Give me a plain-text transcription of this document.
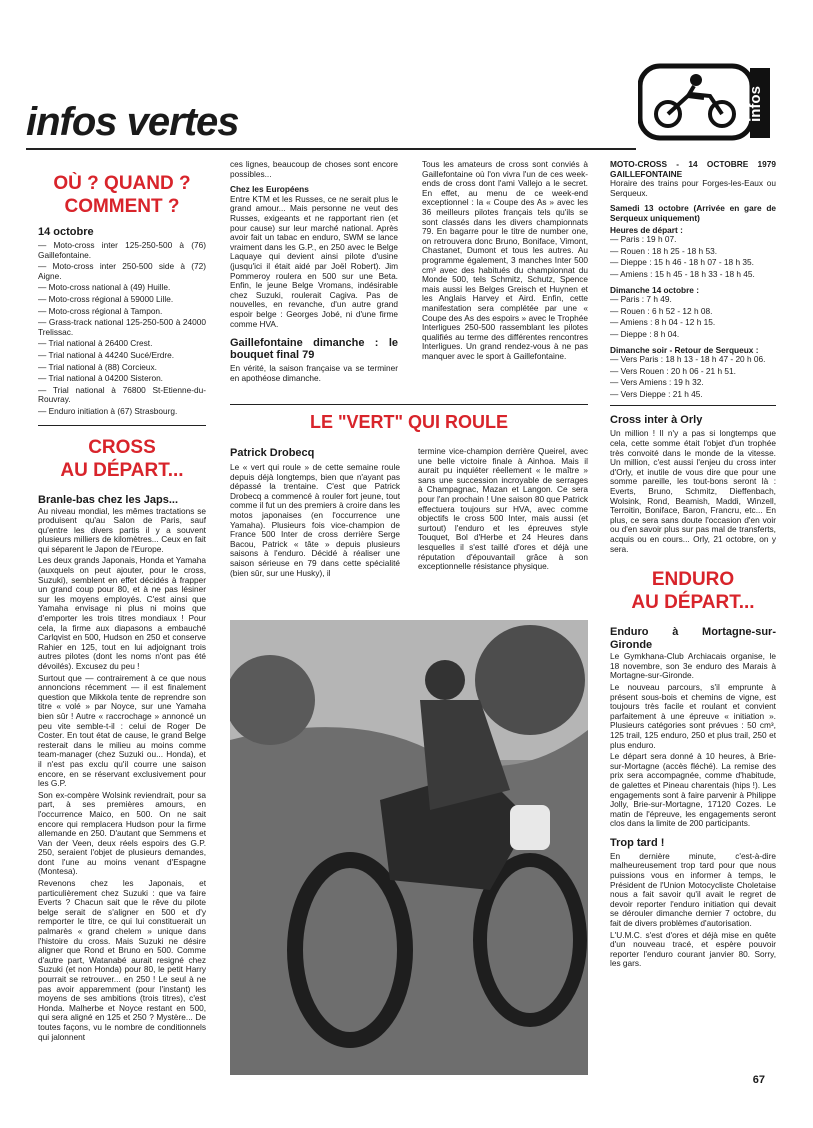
infos vertes	infos
OÙ ? QUAND ?
COMMENT ?
14 octobre

— Moto-cross inter 125-250-500 à (76) Gaillefontaine.

— Moto-cross inter 250-500 side à (72) Aigne.

— Moto-cross national à (49) Huille.

— Moto-cross régional à 59000 Lille.

— Moto-cross régional à Tampon.

— Grass-track national 125-250-500 à 24000 Trelissac.

— Trial national à 26400 Crest.

— Trial national à 44240 Sucé/Erdre.

— Trial national à (88) Corcieux.

— Trial national à 04200 Sisteron.

— Trial national à 76800 St-Etienne-du-Rouvray.

— Enduro initiation à (67) Strasbourg.

CROSS
AU DÉPART...
Branle-bas chez les Japs...

Au niveau mondial, les mêmes tractations se produisent qu'au Salon de Paris, sauf qu'entre les divers partis il y a souvent plusieurs milliers de kilomètres... Ceux en fait qui séparent le Japon de l'Europe.

Les deux grands Japonais, Honda et Yamaha (auxquels on peut ajouter, pour le cross, Suzuki), semblent en effet décidés à frapper un grand coup pour 80, et à ne pas lésiner sur les moyens employés. C'est ainsi que Yamaha envisage ni plus ni moins que d'emporter les trois titres mondiaux ! Pour cela, la firme aux diapasons a embauché Carlqvist en 500, Hudson en 250 et conserve Rahier en 125, tout en lui adjoignant trois autres pilotes (dont les noms n'ont pas été dévoilés). Excusez du peu !

Surtout que — contrairement à ce que nous annoncions récemment — il est finalement question que Mikkola tente de reprendre son titre « volé » par Noyce, sur une Yamaha bien sûr ! Autre « raccrochage » annoncé un peu vite semble-t-il : celui de Roger De Coster. En tout état de cause, le grand Belge resterait dans le milieu au moins comme team-manager (chez Suzuki ou... Honda), et il n'est pas exclu qu'il courre une saison encore, en se réservant exclusivement pour les G.P.

Son ex-compère Wolsink reviendrait, pour sa part, à ses premières amours, en l'occurrence Maico, en 500. On ne sait encore qui remplacera Hudson pour la firme allemande en 250. D'autant que Semmens et Van der Veen, deux réels espoirs des G.P. 250, seraient l'objet de plusieurs demandes, dont l'une au moins venant d'Espagne (Montesa).

Revenons chez les Japonais, et particulièrement chez Suzuki : que va faire Everts ? Chacun sait que le rêve du pilote belge serait de s'aligner en 500 et d'y remporter le titre, ce qui lui constituerait un palmarès « grand chelem » unique dans l'histoire du cross. Mais Suzuki ne désire aligner que Rond et Bruno en 500. Comme d'autre part, Watanabé aurait resigné chez Suzuki (et non Honda) pour 80, le petit Harry pourrait se retrouver... en 250 ! Le seul à ne pas avoir apparemment (pour l'instant) les moyens de ses ambitions (trois titres), c'est Honda. Malherbe et Noyce restant en 500, qui sera aligné en 125 et 250 ? Mystère... De toutes façons, vu le nombre de conditionnels qui jalonnent

ces lignes, beaucoup de choses sont encore possibles...

Chez les Européens

Entre KTM et les Russes, ce ne serait plus le grand amour... Mais personne ne veut des Russes, exigeants et ne rapportant rien (et pour cause) sur leur marché national. Après avoir fait un tabac en enduro, SWM se lance vraiment dans les G.P., en 250 avec le Belge Laquaye qui devient ainsi pilote d'usine (jusqu'ici il était aidé par Joël Robert). Jim Pommeroy roulera en 500 sur une Beta. Enfin, le jeune Belge Vromans, indésirable chez Suzuki, roulerait Cagiva. Pas de nouvelles, en revanche, d'un autre grand espoir belge : Georges Jobé, ni d'une firme comme HVA.

Gaillefontaine dimanche : le bouquet final 79

En vérité, la saison française va se terminer en apothéose dimanche.

Tous les amateurs de cross sont conviés à Gaillefontaine où l'on vivra l'un de ces week-ends de cross dont l'ami Vallejo a le secret. En effet, au menu de ce week-end exceptionnel : la « Coupe des As » avec les 36 meilleurs pilotes français tels qu'ils se sont classés dans les divers championnats 79. En bagarre pour le titre de number one, on retrouvera donc Bruno, Boniface, Vimont, Chastanet, Dumont et tous les autres. Au programme également, 3 manches Inter 500 cm³ avec des habitués du championnat du Monde 500, tels Schmitz, Schutz, Spence mais aussi les Belges Greisch et Huynen et les Anglais Harvey et Aird. Enfin, cette manifestation sera complétée par une « Coupe des As des espoirs » avec le Trophée Interligues 250-500 rassemblant les pilotes qualifiés au terme des différentes rencontres Interligues. Un grand rendez-vous à ne pas manquer avec le sport à Gaillefontaine.

LE "VERT" QUI ROULE
Patrick Drobecq

Le « vert qui roule » de cette semaine roule depuis déjà longtemps, bien que n'ayant pas dépassé la trentaine. C'est que Patrick Drobecq a commencé à rouler fort jeune, tout comme il fut un des premiers à croire dans les motos japonaises (en l'occurrence une Yamaha). Plusieurs fois vice-champion de France 500 Inter de cross derrière Serge Bacou, Patrick « tâte » depuis plusieurs saisons à l'enduro. Décidé à réaliser une saison sérieuse en 79 dans cette spécialité (bien sûr, sur une Husky), il

termine vice-champion derrière Queirel, avec une belle victoire finale à Ainhoa. Mais il aurait pu inquiéter réellement « le maître » sans une succession incroyable de serrages à Champagnac, Mazan et Langon. Ce sera pour l'an prochain ! Une saison 80 que Patrick effectuera toujours sur HVA, avec comme objectifs le cross 500 Inter, mais aussi (et surtout) l'enduro et les épreuves style Touquet, Bol d'Herbe et 24 Heures dans lesquelles il s'est taillé d'ores et déjà une réputation d'épouvantail grâce à son exceptionnelle résistance physique.

MOTO-CROSS - 14 OCTOBRE 1979 GAILLEFONTAINE

Horaire des trains pour Forges-les-Eaux ou Serqueux.

Samedi 13 octobre (Arrivée en gare de Serqueux uniquement)
Heures de départ :

— Paris : 19 h 07.

— Rouen : 18 h 25 - 18 h 53.

— Dieppe : 15 h 46 - 18 h 07 - 18 h 35.

— Amiens : 15 h 45 - 18 h 33 - 18 h 45.

Dimanche 14 octobre :

— Paris : 7 h 49.

— Rouen : 6 h 52 - 12 h 08.

— Amiens : 8 h 04 - 12 h 15.

— Dieppe : 8 h 04.

Dimanche soir - Retour de Serqueux :

— Vers Paris : 18 h 13 - 18 h 47 - 20 h 06.

— Vers Rouen : 20 h 06 - 21 h 51.

— Vers Amiens : 19 h 32.

— Vers Dieppe : 21 h 45.

Cross inter à Orly

Un million ! Il n'y a pas si longtemps que cela, cette somme était l'objet d'un trophée très convoité dans le monde de la vitesse. Un million, c'est aussi l'enjeu du cross inter d'Orly, et inutile de vous dire que pour une somme pareille, les tout-bons seront là : Everts, Bruno, Schmitz, Dieffenbach, Wolsink, Rond, Beamish, Maddi, Winzell, Terroitin, Boniface, Baron, Francru, etc... En plus, ce sera sans doute l'occasion d'en voir ou d'en savoir plus sur pas mal de transferts, acquis ou en cours... Orly, 21 octobre, on y sera.

ENDURO
AU DÉPART...
Enduro à Mortagne-sur-Gironde

Le Gymkhana-Club Archiacais organise, le 18 novembre, son 3e enduro des Marais à Mortagne-sur-Gironde.

Le nouveau parcours, s'il emprunte à présent sous-bois et chemins de vigne, est toujours très facile et roulant et convient parfaitement à une épreuve « initiation ». Plusieurs catégories sont prévues : 50 cm³, 125 trail, 125 enduro, 250 et plus trail, 250 et plus enduro.

Le départ sera donné à 10 heures, à Brie-sur-Mortagne (accès fléché). La remise des prix sera accompagnée, comme d'habitude, de galettes et Pineau charentais (hips !). Les engagements sont à faire parvenir à Philippe Jolly, Brie-sur-Mortagne, 17120 Cozes. Le matin de l'épreuve, les engagements seront clos dans la limite de 200 participants.

Trop tard !

En dernière minute, c'est-à-dire malheureusement trop tard pour que nous puissions vous en informer à temps, le Président de l'Union Motocycliste Choletaise nous a fait savoir qu'il avait le regret de devoir reporter l'enduro initiation qui devait se dérouler dimanche dernier 7 octobre, du fait de divers problèmes d'autorisation.

L'U.M.C. s'est d'ores et déjà mise en quête d'un nouveau tracé, et espère pouvoir reporter l'enduro courant janvier 80. Sorry, les gars.

67
